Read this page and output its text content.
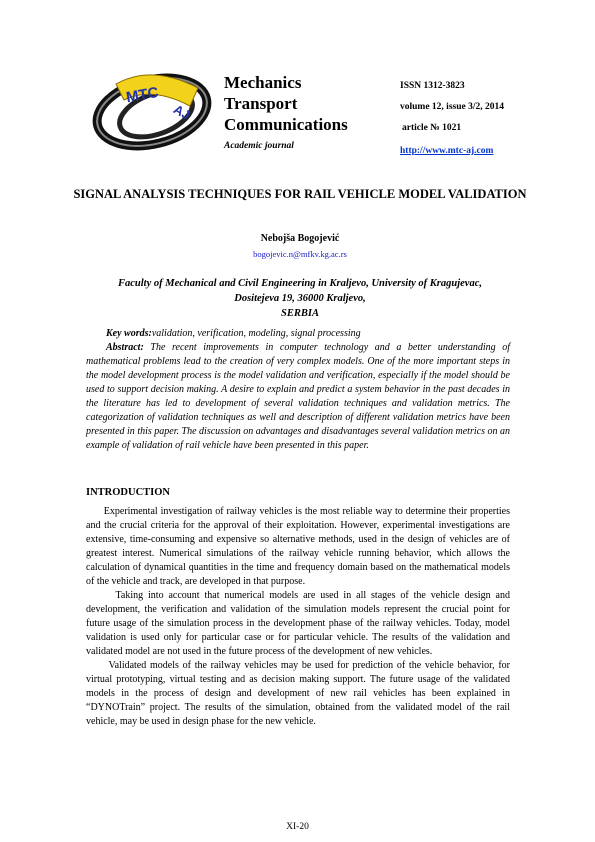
MTC
AJ
Mechanics
Transport
Communications
Academic journal
ISSN 1312-3823
volume 12, issue 3/2, 2014
article № 1021
http://www.mtc-aj.com
SIGNAL ANALYSIS TECHNIQUES FOR RAIL VEHICLE MODEL VALIDATION
Nebojša Bogojević
bogojevic.n@mfkv.kg.ac.rs
Faculty of Mechanical and Civil Engineering in Kraljevo, University of Kragujevac,
Dositejeva 19, 36000 Kraljevo,
SERBIA

Key words:validation, verification, modeling, signal processing

Abstract: The recent improvements in computer technology and a better understanding of mathematical problems lead to the creation of very complex models. One of the more important steps in the model development process is the model validation and verification, especially if the model should be used to support decision making. A desire to explain and predict a system behavior in the past decades in the literature has led to development of several validation techniques and validation metrics. The categorization of validation techniques as well and description of different validation metrics have been presented in this paper. The discussion on advantages and disadvantages several validation metrics on an example of validation of rail vehicle have been presented in this paper.

INTRODUCTION

Experimental investigation of railway vehicles is the most reliable way to determine their properties and the crucial criteria for the approval of their exploitation. However, experimental investigations are extensive, time-consuming and expensive so alternative methods, used in the design of vehicles are of greatest interest. Numerical simulations of the railway vehicle running behavior, which allows the calculation of dynamical quantities in the time and frequency domain based on the mathematical models of the vehicle and track, are developed in that purpose.

Taking into account that numerical models are used in all stages of the vehicle design and development, the verification and validation of the simulation models represent the crucial point for future usage of the simulation process in the development phase of the railway vehicles. Today, model validation is used only for particular case or for particular vehicle. The results of the validation and validated model are not used in the future process of the development of new vehicles.

Validated models of the railway vehicles may be used for prediction of the vehicle behavior, for virtual prototyping, virtual testing and as decision making support. The future usage of the validated models in the process of design and development of new rail vehicles has been explained in “DYNOTrain” project. The results of the simulation, obtained from the validated model of the rail vehicle, may be used in design phase for the new vehicle.

XI-20
